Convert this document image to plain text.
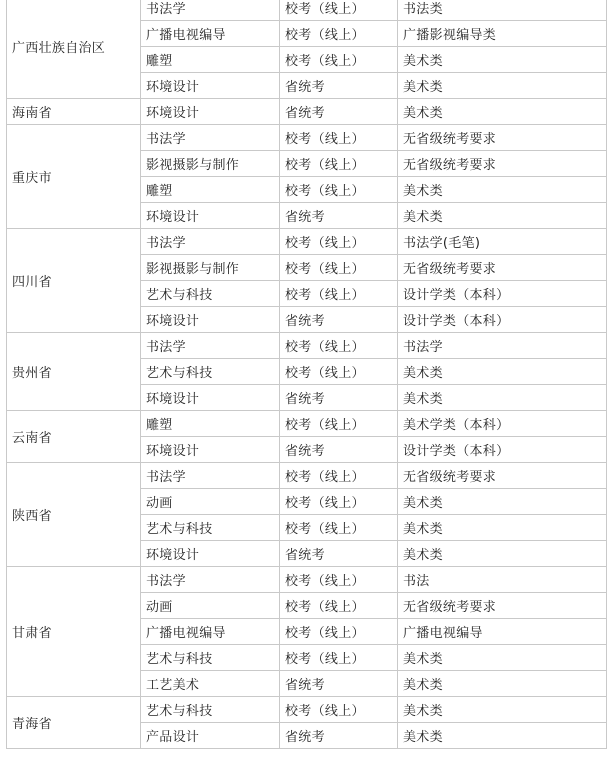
广西壮族自治区	书法学	校考（线上）	书法类
	广播电视编导	校考（线上）	广播影视编导类
	雕塑	校考（线上）	美术类
	环境设计	省统考	美术类
海南省	环境设计	省统考	美术类
重庆市	书法学	校考（线上）	无省级统考要求
	影视摄影与制作	校考（线上）	无省级统考要求
	雕塑	校考（线上）	美术类
	环境设计	省统考	美术类
四川省	书法学	校考（线上）	书法学(毛笔)
	影视摄影与制作	校考（线上）	无省级统考要求
	艺术与科技	校考（线上）	设计学类（本科）
	环境设计	省统考	设计学类（本科）
贵州省	书法学	校考（线上）	书法学
	艺术与科技	校考（线上）	美术类
	环境设计	省统考	美术类
云南省	雕塑	校考（线上）	美术学类（本科）
	环境设计	省统考	设计学类（本科）
陕西省	书法学	校考（线上）	无省级统考要求
	动画	校考（线上）	美术类
	艺术与科技	校考（线上）	美术类
	环境设计	省统考	美术类
甘肃省	书法学	校考（线上）	书法
	动画	校考（线上）	无省级统考要求
	广播电视编导	校考（线上）	广播电视编导
	艺术与科技	校考（线上）	美术类
	工艺美术	省统考	美术类
青海省	艺术与科技	校考（线上）	美术类
	产品设计	省统考	美术类
